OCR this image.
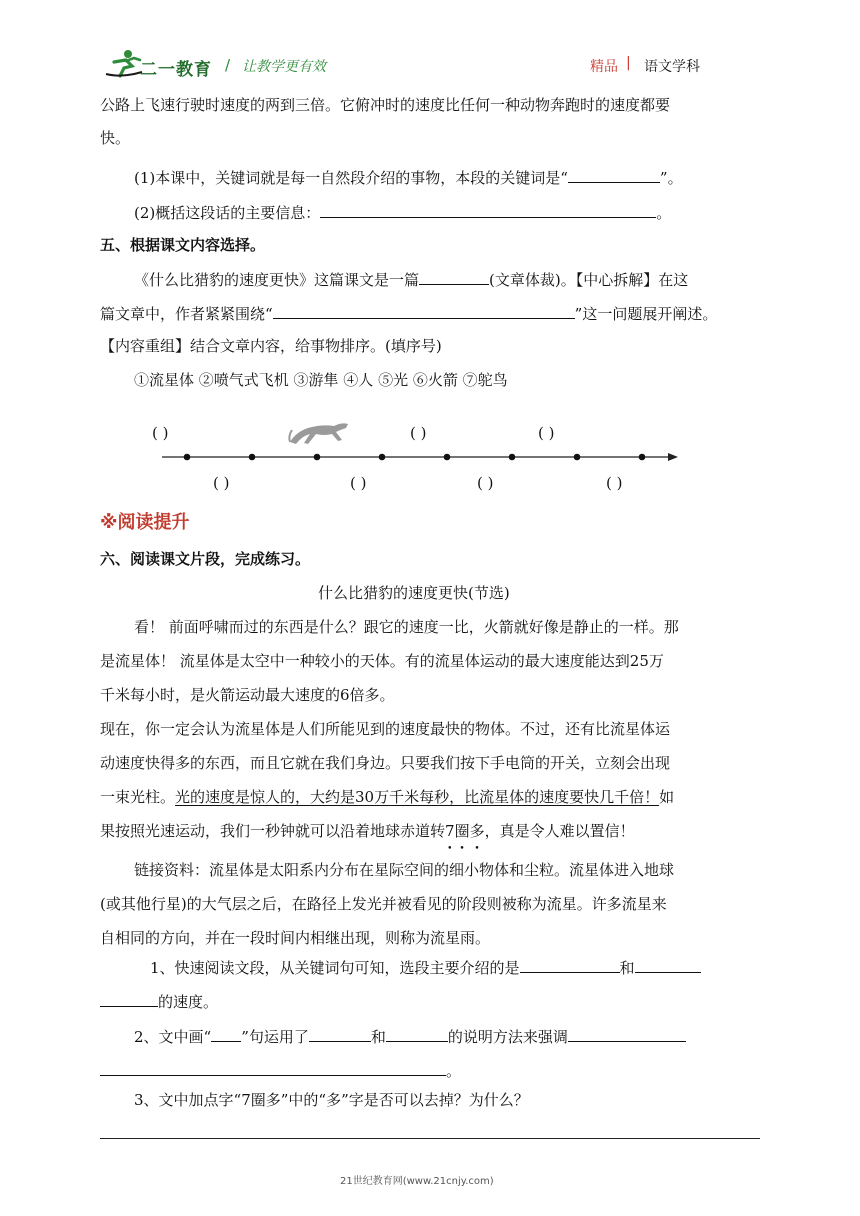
二一教育 / 让教学更有效	精品 | 语文学科
公路上飞速行驶时速度的两到三倍。它俯冲时的速度比任何一种动物奔跑时的速度都要
快。
(1)本课中，关键词就是每一自然段介绍的事物，本段的关键词是“	”。
(2)概括这段话的主要信息：	。
五、根据课文内容选择。
《什么比猎豹的速度更快》这篇课文是一篇	(文章体裁)。【中心拆解】在这
篇文章中，作者紧紧围绕“	”这一问题展开阐述。
【内容重组】结合文章内容，给事物排序。(填序号)
①流星体 ②喷气式飞机 ③游隼 ④人 ⑤光 ⑥火箭 ⑦鸵鸟
( )	( )	( )
( )	( )	( )	( )
※阅读提升
六、阅读课文片段，完成练习。
什么比猎豹的速度更快(节选)
看！ 前面呼啸而过的东西是什么？跟它的速度一比，火箭就好像是静止的一样。那
是流星体！ 流星体是太空中一种较小的天体。有的流星体运动的最大速度能达到25万
千米每小时，是火箭运动最大速度的6倍多。
现在，你一定会认为流星体是人们所能见到的速度最快的物体。不过，还有比流星体运
动速度快得多的东西，而且它就在我们身边。只要我们按下手电筒的开关，立刻会出现
一束光柱。光的速度是惊人的，大约是30万千米每秒，比流星体的速度要快几千倍！如
果按照光速运动，我们一秒钟就可以沿着地球赤道转7 •圈多，真是令人难以置信！
链接资料：流星体是太阳系内分布在星际空间的细小物体和尘粒。流星体进入地球
(或其他行星)的大气层之后，在路径上发光并被看见的阶段则被称为流星。许多流星来
自相同的方向，并在一段时间内相继出现，则称为流星雨。
1、快速阅读文段，从关键词句可知，选段主要介绍的是	和
的速度。
2、文中画“ ”句运用了	和	的说明方法来强调
。
3、文中加点字“7圈多”中的“多”字是否可以去掉？为什么？
21世纪教育网(www.21cnjy.com)
